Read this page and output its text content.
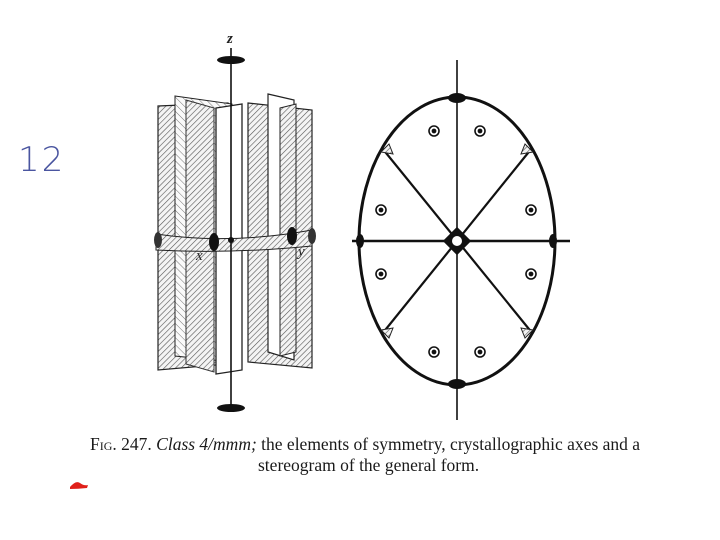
12
z
x	y
Fig. 247. Class 4/mmm; the elements of symmetry, crystallographic axes and a
stereogram of the general form.
